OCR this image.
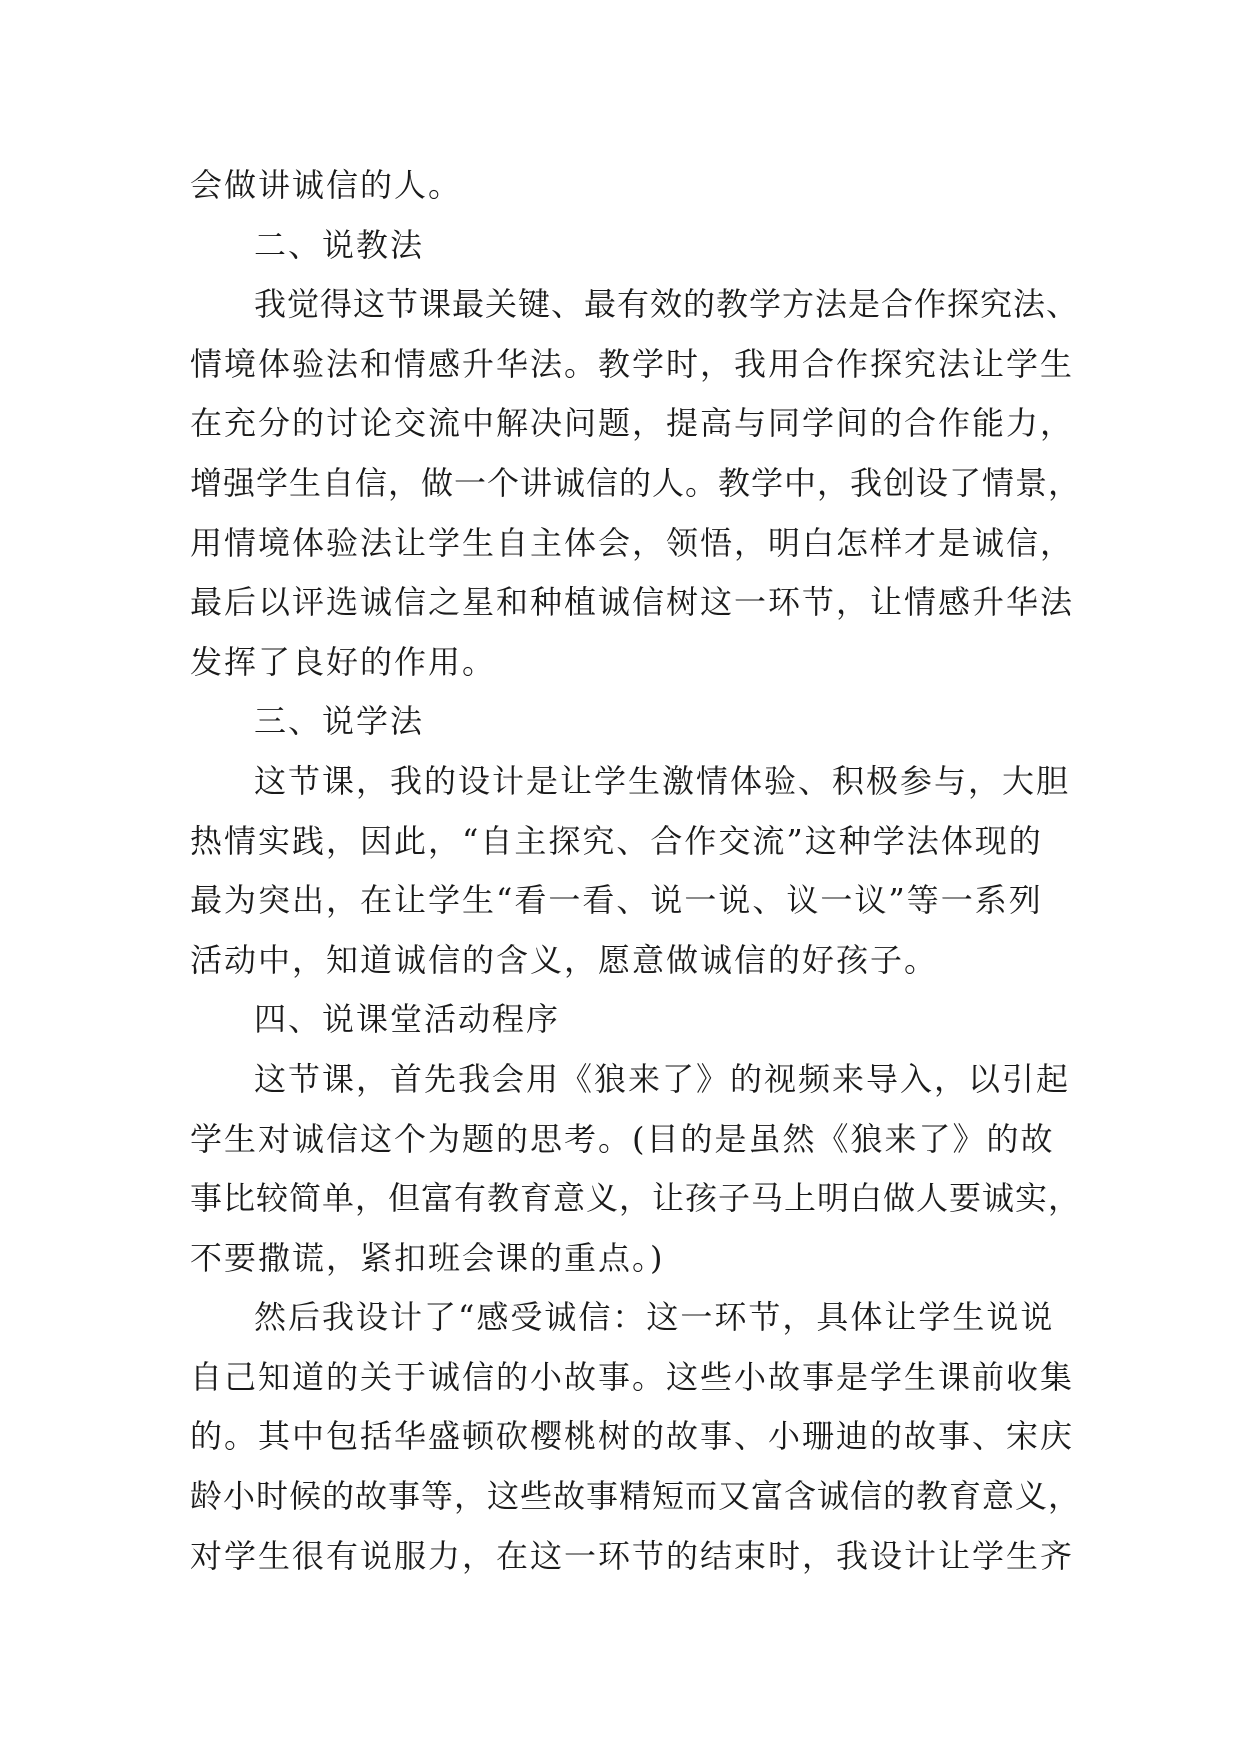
会做讲诚信的人。
二、说教法
我觉得这节课最关键、最有效的教学方法是合作探究法、
情境体验法和情感升华法。教学时，我用合作探究法让学生
在充分的讨论交流中解决问题，提高与同学间的合作能力，
增强学生自信，做一个讲诚信的人。教学中，我创设了情景，
用情境体验法让学生自主体会，领悟，明白怎样才是诚信，
最后以评选诚信之星和种植诚信树这一环节，让情感升华法
发挥了良好的作用。
三、说学法
这节课，我的设计是让学生激情体验、积极参与，大胆
热情实践，因此，“自主探究、合作交流”这种学法体现的
最为突出，在让学生“看一看、说一说、议一议”等一系列
活动中，知道诚信的含义，愿意做诚信的好孩子。
四、说课堂活动程序
这节课，首先我会用《狼来了》的视频来导入，以引起
学生对诚信这个为题的思考。(目的是虽然《狼来了》的故
事比较简单，但富有教育意义，让孩子马上明白做人要诚实，
不要撒谎，紧扣班会课的重点。)
然后我设计了“感受诚信：这一环节，具体让学生说说
自己知道的关于诚信的小故事。这些小故事是学生课前收集
的。其中包括华盛顿砍樱桃树的故事、小珊迪的故事、宋庆
龄小时候的故事等，这些故事精短而又富含诚信的教育意义，
对学生很有说服力，在这一环节的结束时，我设计让学生齐
